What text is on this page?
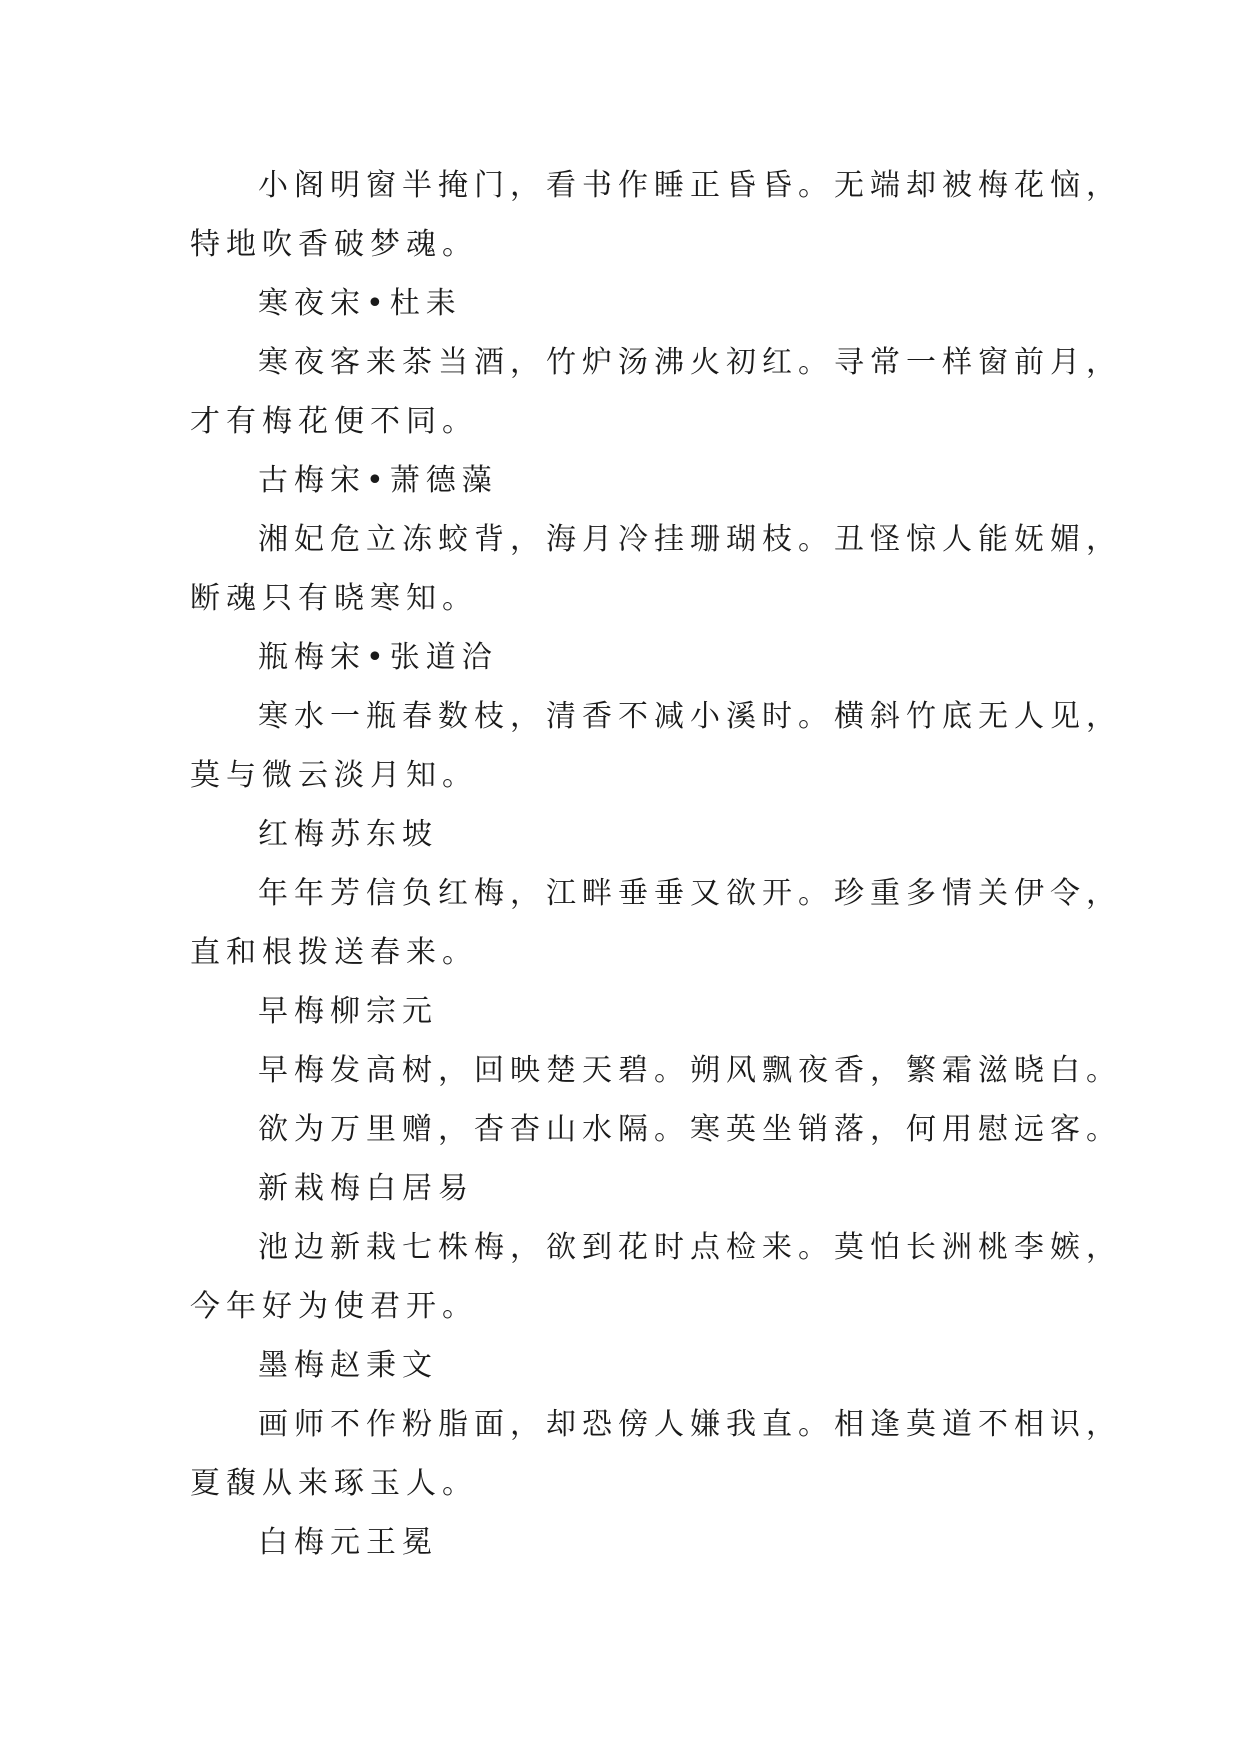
小阁明窗半掩门，看书作睡正昏昏。无端却被梅花恼，
特地吹香破梦魂。
寒夜宋•杜耒
寒夜客来茶当酒，竹炉汤沸火初红。寻常一样窗前月，
才有梅花便不同。
古梅宋•萧德藻
湘妃危立冻蛟背，海月冷挂珊瑚枝。丑怪惊人能妩媚，
断魂只有晓寒知。
瓶梅宋•张道洽
寒水一瓶春数枝，清香不减小溪时。横斜竹底无人见，
莫与微云淡月知。
红梅苏东坡
年年芳信负红梅，江畔垂垂又欲开。珍重多情关伊令，
直和根拨送春来。
早梅柳宗元
早梅发高树，回映楚天碧。朔风飘夜香，繁霜滋晓白。
欲为万里赠，杳杳山水隔。寒英坐销落，何用慰远客。
新栽梅白居易
池边新栽七株梅，欲到花时点检来。莫怕长洲桃李嫉，
今年好为使君开。
墨梅赵秉文
画师不作粉脂面，却恐傍人嫌我直。相逢莫道不相识，
夏馥从来琢玉人。
白梅元王冕
